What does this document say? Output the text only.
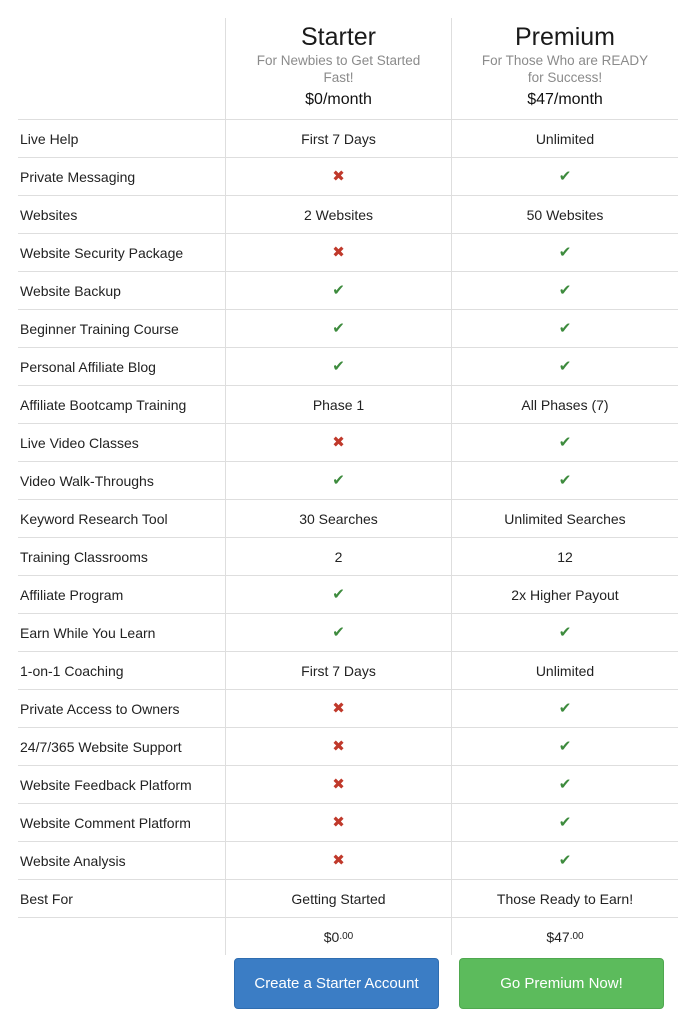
Starter
For Newbies to Get Started Fast!
$0/month
Premium
For Those Who are READY for Success!
$47/month
Live Help	First 7 Days	Unlimited
Private Messaging	✖	✔
Websites	2 Websites	50 Websites
Website Security Package	✖	✔
Website Backup	✔	✔
Beginner Training Course	✔	✔
Personal Affiliate Blog	✔	✔
Affiliate Bootcamp Training	Phase 1	All Phases (7)
Live Video Classes	✖	✔
Video Walk-Throughs	✔	✔
Keyword Research Tool	30 Searches	Unlimited Searches
Training Classrooms	2	12
Affiliate Program	✔	2x Higher Payout
Earn While You Learn	✔	✔
1-on-1 Coaching	First 7 Days	Unlimited
Private Access to Owners	✖	✔
24/7/365 Website Support	✖	✔
Website Feedback Platform	✖	✔
Website Comment Platform	✖	✔
Website Analysis	✖	✔
Best For	Getting Started	Those Ready to Earn!
$0 .00	$47 .00
Create a Starter Account	Go Premium Now!
